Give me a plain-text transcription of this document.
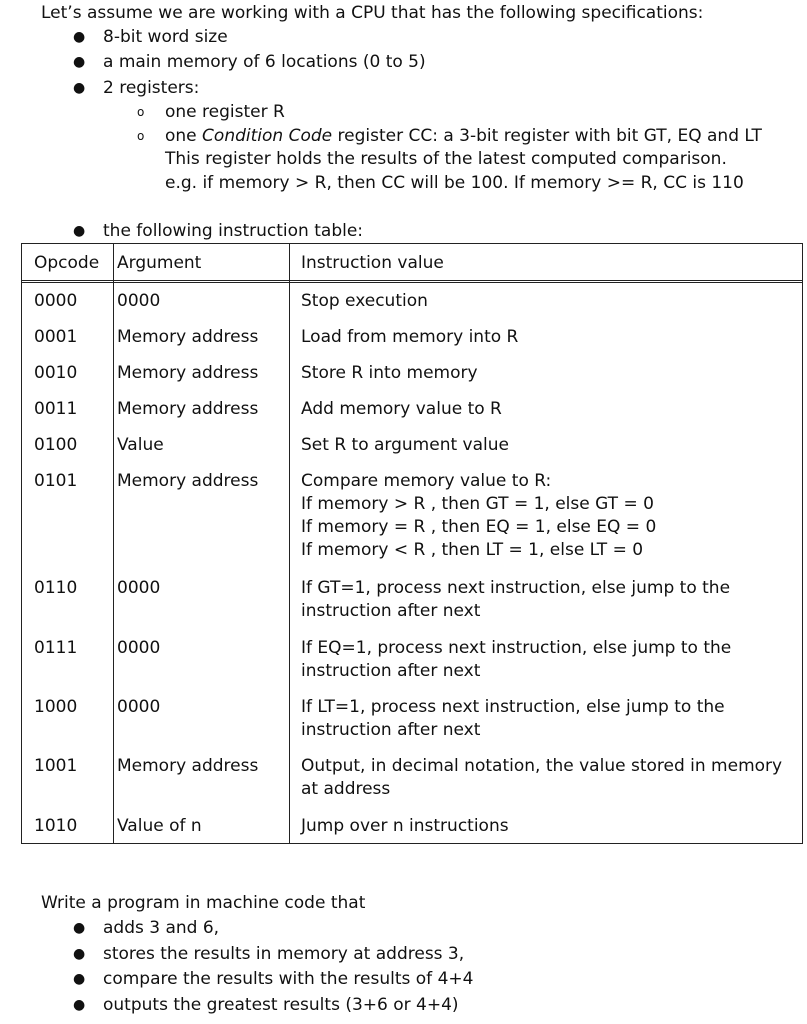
Let’s assume we are working with a CPU that has the following specifications:
● 8-bit word size
● a main memory of 6 locations (0 to 5)
● 2 registers:
o one register R
o one Condition Code register CC: a 3-bit register with bit GT, EQ and LT
This register holds the results of the latest computed comparison.
e.g. if memory > R, then CC will be 100. If memory >= R, CC is 110
● the following instruction table:
Opcode Argument	Instruction value
0000 0000	Stop execution
0001 Memory address	Load from memory into R
0010 Memory address	Store R into memory
0011 Memory address	Add memory value to R
0100 Value	Set R to argument value
0101 Memory address	Compare memory value to R:
If memory > R , then GT = 1, else GT = 0
If memory = R , then EQ = 1, else EQ = 0
If memory < R , then LT = 1, else LT = 0
0110 0000	If GT=1, process next instruction, else jump to the
instruction after next
0111 0000	If EQ=1, process next instruction, else jump to the
instruction after next
1000 0000	If LT=1, process next instruction, else jump to the
instruction after next
1001 Memory address	Output, in decimal notation, the value stored in memory
at address
1010 Value of n	Jump over n instructions
Write a program in machine code that
● adds 3 and 6,
● stores the results in memory at address 3,
● compare the results with the results of 4+4
● outputs the greatest results (3+6 or 4+4)
